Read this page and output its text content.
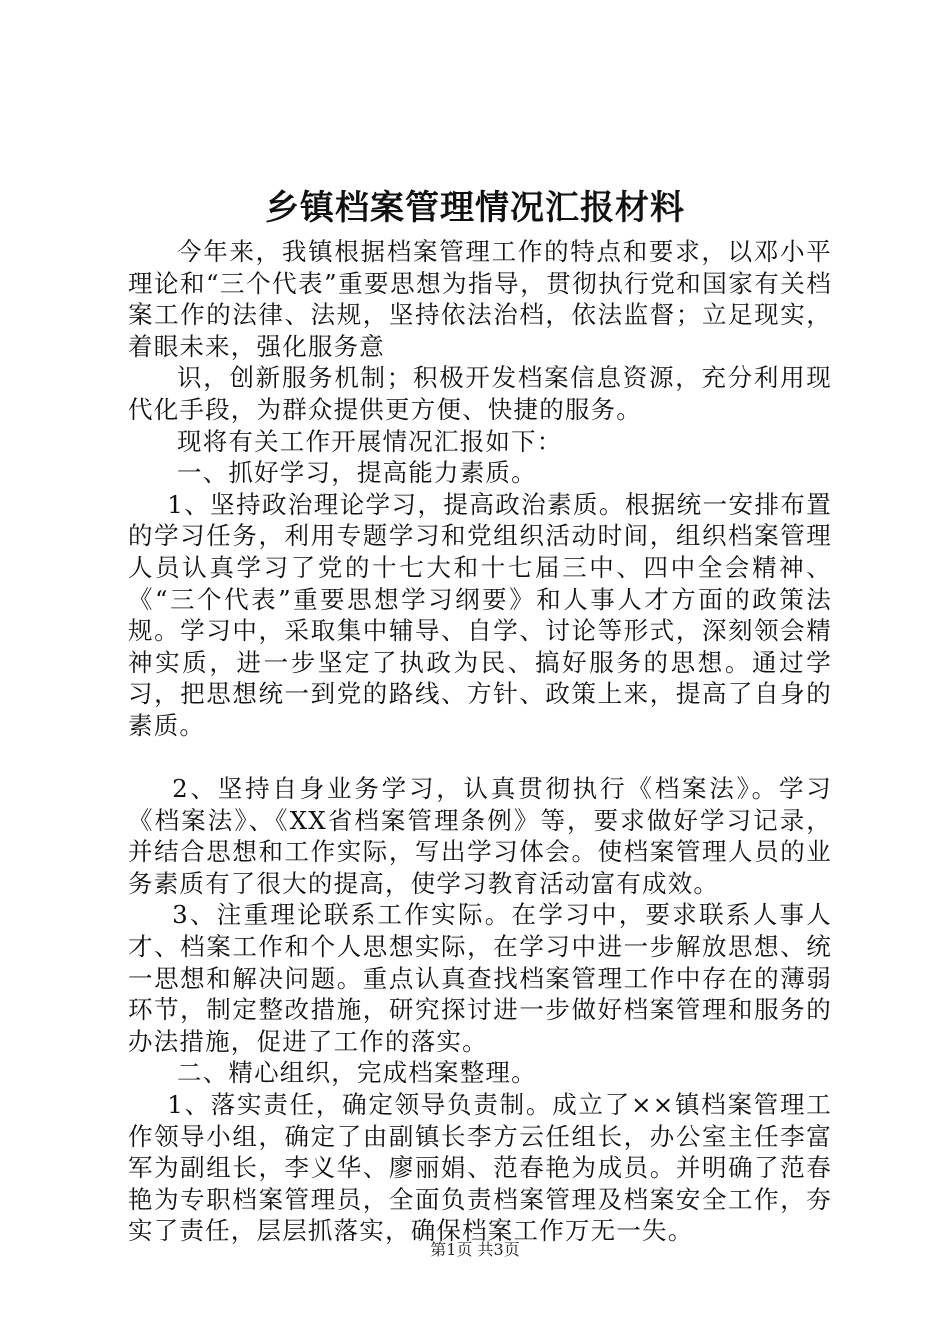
乡镇档案管理情况汇报材料

今年来，我镇根据档案管理工作的特点和要求，以邓小平理论和“三个代表”重要思想为指导，贯彻执行党和国家有关档案工作的法律、法规，坚持依法治档，依法监督；立足现实，着眼未来，强化服务意

识，创新服务机制；积极开发档案信息资源，充分利用现代化手段，为群众提供更方便、快捷的服务。

现将有关工作开展情况汇报如下：

一、抓好学习，提高能力素质。

1、坚持政治理论学习，提高政治素质。根据统一安排布置的学习任务，利用专题学习和党组织活动时间，组织档案管理人员认真学习了党的十七大和十七届三中、四中全会精神、《“三个代表”重要思想学习纲要》和人事人才方面的政策法规。学习中，采取集中辅导、自学、讨论等形式，深刻领会精神实质，进一步坚定了执政为民、搞好服务的思想。通过学习，把思想统一到党的路线、方针、政策上来，提高了自身的素质。

2、坚持自身业务学习，认真贯彻执行《档案法》。学习《档案法》、《XX省档案管理条例》等，要求做好学习记录，并结合思想和工作实际，写出学习体会。使档案管理人员的业务素质有了很大的提高，使学习教育活动富有成效。

3、注重理论联系工作实际。在学习中，要求联系人事人才、档案工作和个人思想实际，在学习中进一步解放思想、统一思想和解决问题。重点认真查找档案管理工作中存在的薄弱环节，制定整改措施，研究探讨进一步做好档案管理和服务的办法措施，促进了工作的落实。

二、精心组织，完成档案整理。

1、落实责任，确定领导负责制。成立了××镇档案管理工作领导小组，确定了由副镇长李方云任组长，办公室主任李富军为副组长，李义华、廖丽娟、范春艳为成员。并明确了范春艳为专职档案管理员，全面负责档案管理及档案安全工作，夯实了责任，层层抓落实，确保档案工作万无一失。

第1页 共3页
